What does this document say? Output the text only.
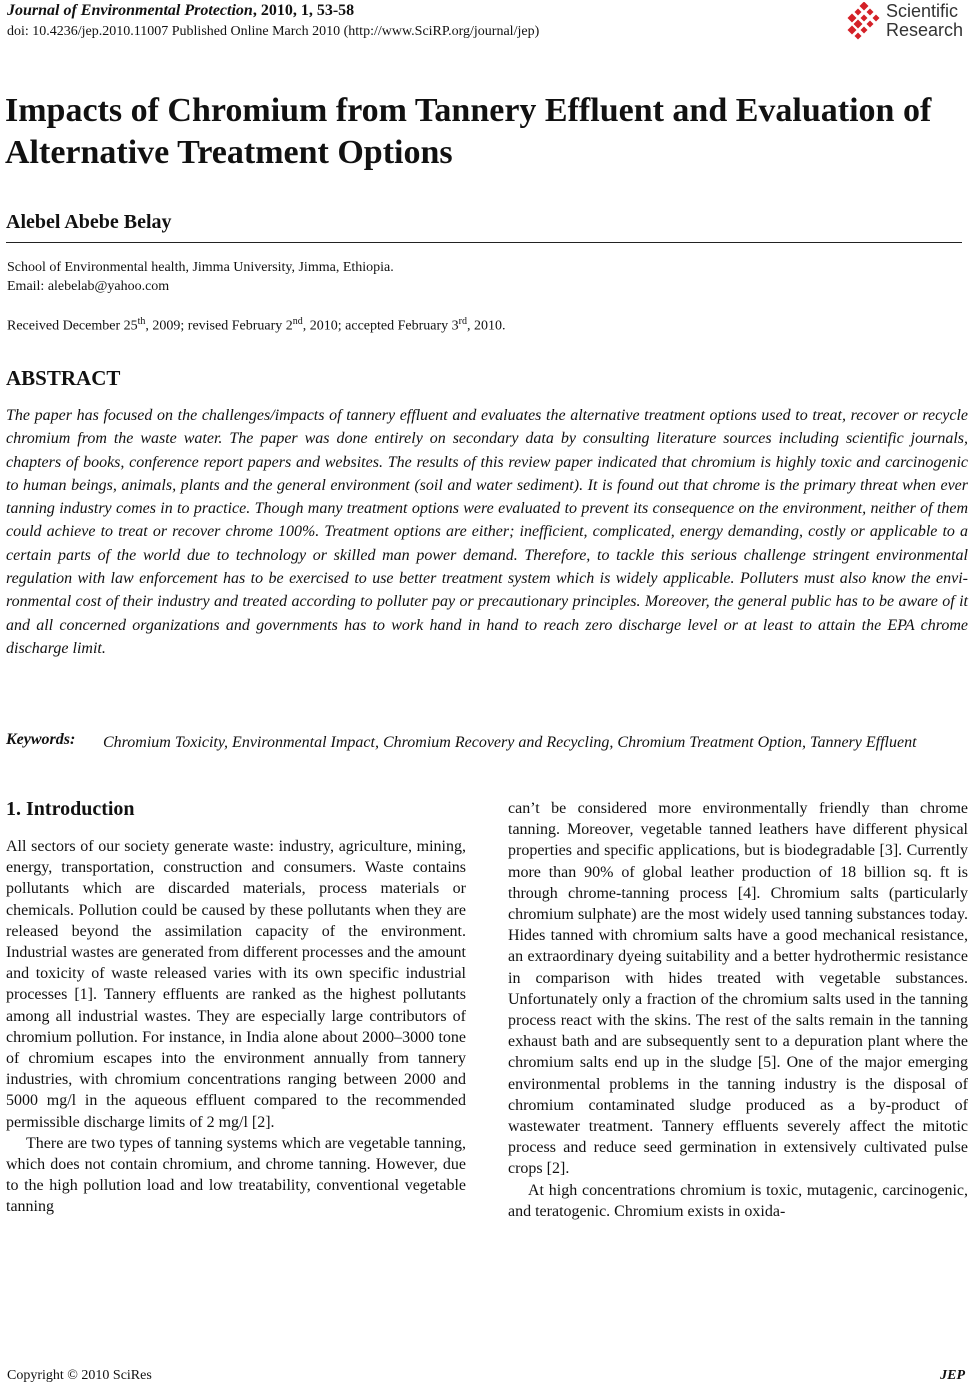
Journal of Environmental Protection, 2010, 1, 53-58
doi: 10.4236/jep.2010.11007 Published Online March 2010 (http://www.SciRP.org/journal/jep)
Scientific
Research
Impacts of Chromium from Tannery Effluent and Evaluation of Alternative Treatment Options
Alebel Abebe Belay
School of Environmental health, Jimma University, Jimma, Ethiopia.
Email: alebelab@yahoo.com
Received December 25th, 2009; revised February 2nd, 2010; accepted February 3rd, 2010.
ABSTRACT

The paper has focused on the challenges/impacts of tannery effluent and evaluates the alternative treatment options used to treat, recover or recycle chromium from the waste water. The paper was done entirely on secondary data by consulting literature sources including scientific journals, chapters of books, conference report papers and websites. The results of this review paper indicated that chromium is highly toxic and carcinogenic to human beings, animals, plants and the general environment (soil and water sediment). It is found out that chrome is the primary threat when ever tanning industry comes in to practice. Though many treatment options were evaluated to prevent its consequence on the environment, neither of them could achieve to treat or recover chrome 100%. Treatment options are either; inefficient, complicated, energy demanding, costly or applicable to a certain parts of the world due to technology or skilled man power demand. Therefore, to tackle this serious challenge stringent environmental regulation with law enforcement has to be exercised to use better treatment system which is widely applicable. Polluters must also know the environmental cost of their industry and treated according to polluter pay or precautionary principles. Moreover, the general public has to be aware of it and all concerned organizations and governments has to work hand in hand to reach zero discharge level or at least to attain the EPA chrome discharge limit.

Keywords: Chromium Toxicity, Environmental Impact, Chromium Recovery and Recycling, Chromium Treatment Option, Tannery Effluent

1. Introduction

All sectors of our society generate waste: industry, agriculture, mining, energy, transportation, construction and consumers. Waste contains pollutants which are discarded materials, process materials or chemicals. Pollution could be caused by these pollutants when they are released beyond the assimilation capacity of the environment. Industrial wastes are generated from different processes and the amount and toxicity of waste released varies with its own specific industrial processes [1]. Tannery effluents are ranked as the highest pollutants among all industrial wastes. They are especially large contributors of chromium pollution. For instance, in India alone about 2000–3000 tone of chromium escapes into the environment annually from tannery industries, with chromium concentrations ranging between 2000 and 5000 mg/l in the aqueous effluent compared to the recommended permissible discharge limits of 2 mg/l [2].

There are two types of tanning systems which are vegetable tanning, which does not contain chromium, and chrome tanning. However, due to the high pollution load and low treatability, conventional vegetable tanning

can’t be considered more environmentally friendly than chrome tanning. Moreover, vegetable tanned leathers have different physical properties and specific applications, but is biodegradable [3]. Currently more than 90% of global leather production of 18 billion sq. ft is through chrome-tanning process [4]. Chromium salts (particularly chromium sulphate) are the most widely used tanning substances today. Hides tanned with chromium salts have a good mechanical resistance, an extraordinary dyeing suitability and a better hydrothermic resistance in comparison with hides treated with vegetable substances. Unfortunately only a fraction of the chromium salts used in the tanning process react with the skins. The rest of the salts remain in the tanning exhaust bath and are subsequently sent to a depuration plant where the chromium salts end up in the sludge [5]. One of the major emerging environmental problems in the tanning industry is the disposal of chromium contaminated sludge produced as a by-product of wastewater treatment. Tannery effluents severely affect the mitotic process and reduce seed germination in extensively cultivated pulse crops [2].

At high concentrations chromium is toxic, mutagenic, carcinogenic, and teratogenic. Chromium exists in oxida-

Copyright © 2010 SciRes	JEP
